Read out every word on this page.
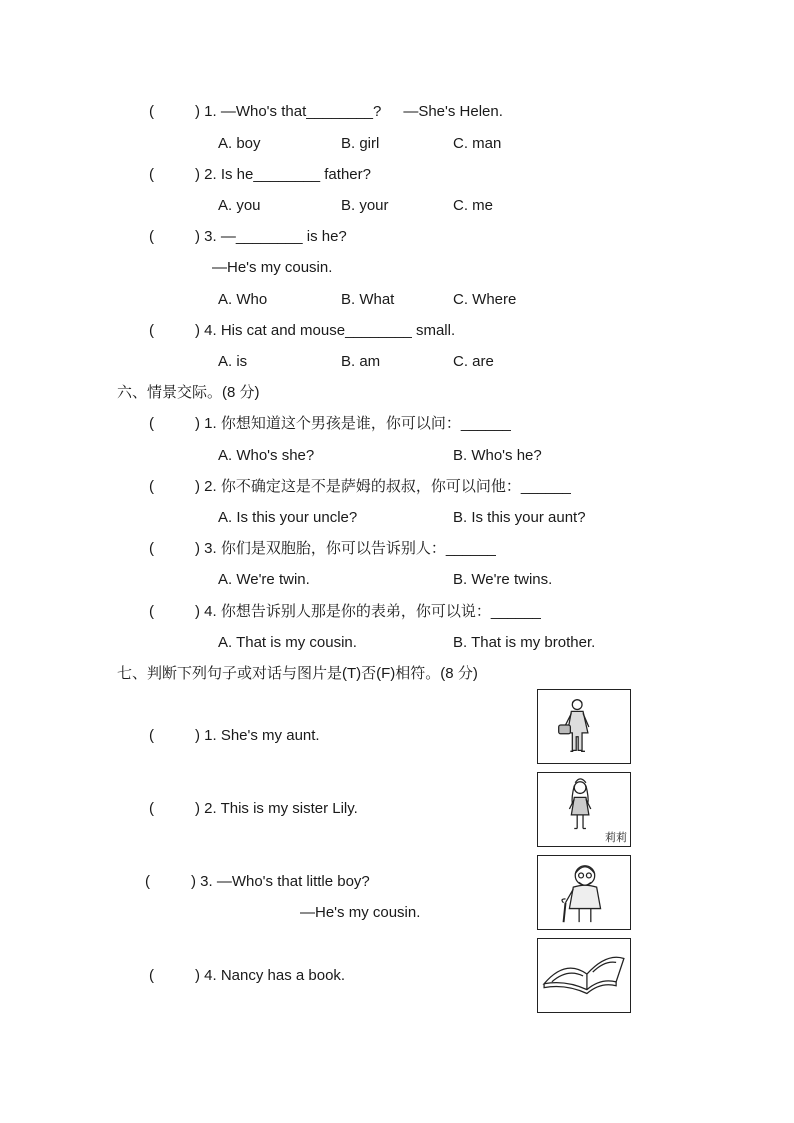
(	) 1. —Who's that________? —She's Helen.
A. boy	B. girl	C. man
(	) 2. Is he________ father?
A. you	B. your	C. me
(	) 3. —________ is he?
—He's my cousin.
A. Who	B. What	C. Where
(	) 4. His cat and mouse________ small.
A. is	B. am	C. are
六、情景交际。(8 分)
(	) 1. 你想知道这个男孩是谁，你可以问：______
A. Who's she?	B. Who's he?
(	) 2. 你不确定这是不是萨姆的叔叔，你可以问他：______
A. Is this your uncle?	B. Is this your aunt?
(	) 3. 你们是双胞胎，你可以告诉别人：______
A. We're twin.	B. We're twins.
(	) 4. 你想告诉别人那是你的表弟，你可以说：______
A. That is my cousin.	B. That is my brother.
七、判断下列句子或对话与图片是(T)否(F)相符。(8 分)
(	) 1. She's my aunt.
(	) 2. This is my sister Lily.
莉莉
(	) 3. —Who's that little boy?
—He's my cousin.
(	) 4. Nancy has a book.
